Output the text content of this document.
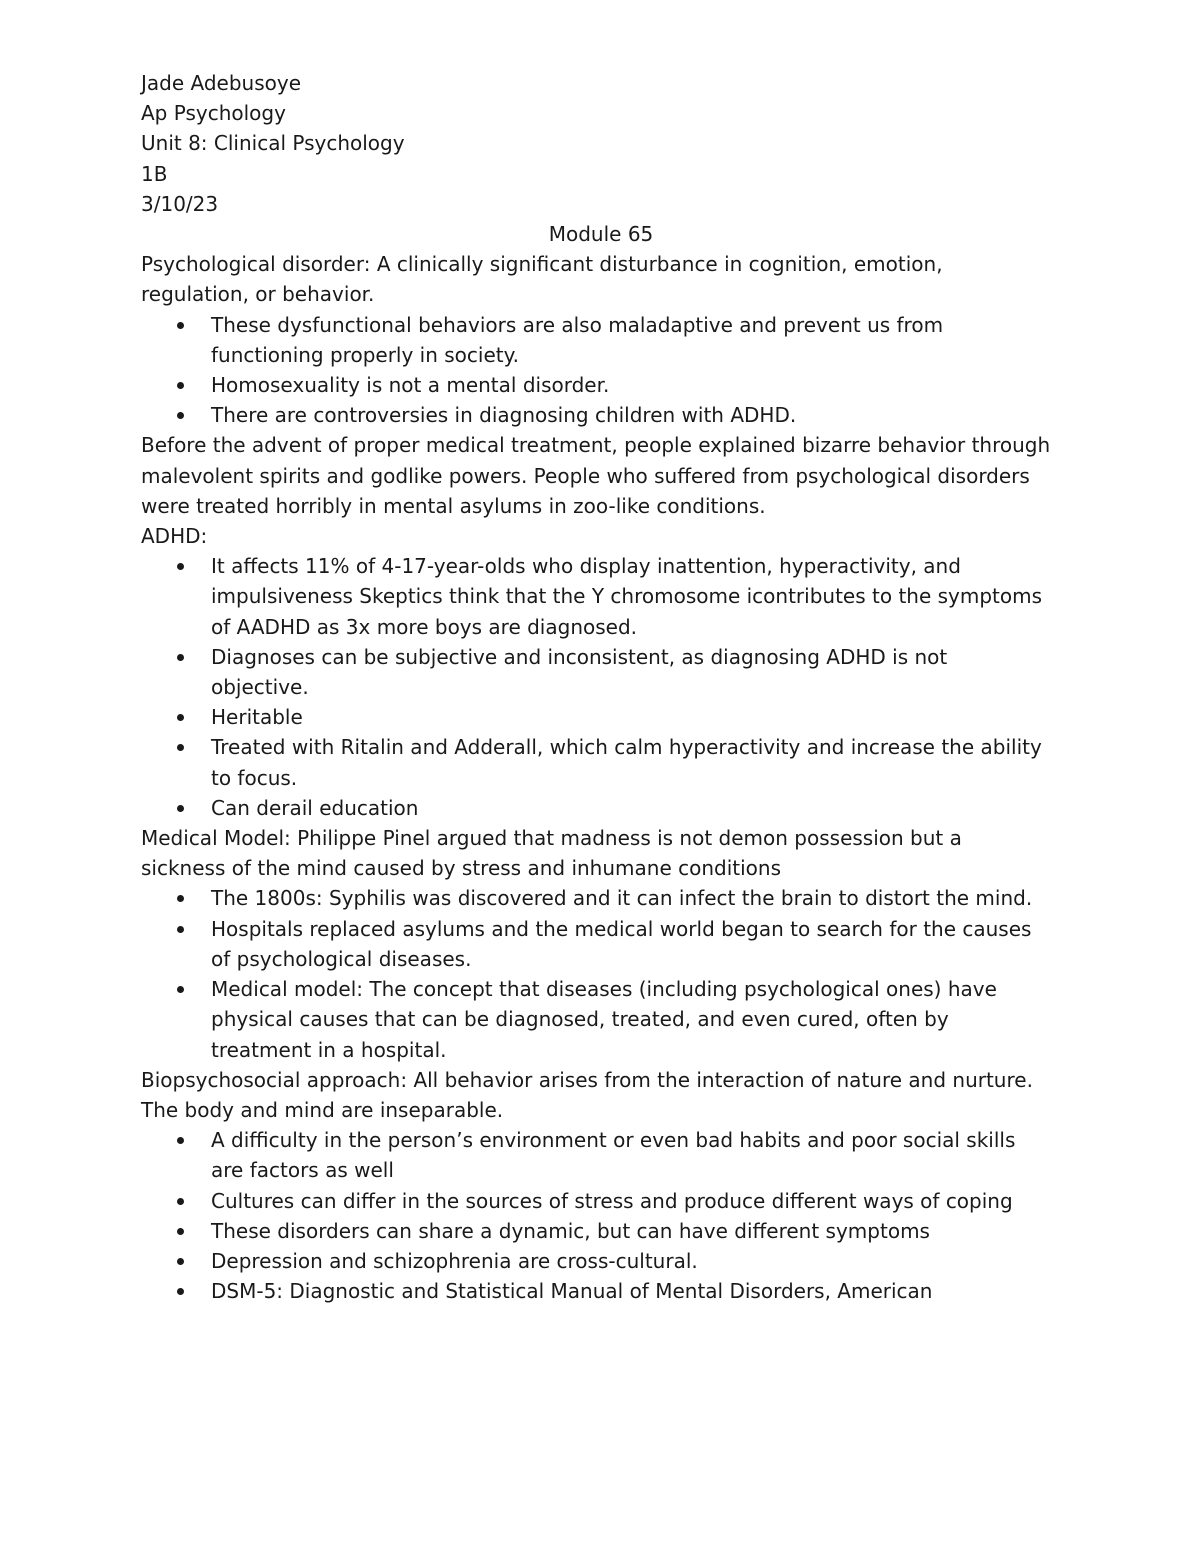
Jade Adebusoye

Ap Psychology

Unit 8: Clinical Psychology

1B

3/10/23

Module 65

Psychological disorder: A clinically significant disturbance in cognition, emotion, regulation, or behavior.

These dysfunctional behaviors are also maladaptive and prevent us from functioning properly in society.
Homosexuality is not a mental disorder.
There are controversies in diagnosing children with ADHD.

Before the advent of proper medical treatment, people explained bizarre behavior through malevolent spirits and godlike powers. People who suffered from psychological disorders were treated horribly in mental asylums in zoo-like conditions.

ADHD:

It affects 11% of 4-17-year-olds who display inattention, hyperactivity, and impulsiveness Skeptics think that the Y chromosome icontributes to the symptoms of AADHD as 3x more boys are diagnosed.
Diagnoses can be subjective and inconsistent, as diagnosing ADHD is not objective.
Heritable
Treated with Ritalin and Adderall, which calm hyperactivity and increase the ability to focus.
Can derail education

Medical Model: Philippe Pinel argued that madness is not demon possession but a sickness of the mind caused by stress and inhumane conditions

The 1800s: Syphilis was discovered and it can infect the brain to distort the mind.
Hospitals replaced asylums and the medical world began to search for the causes of psychological diseases.
Medical model: The concept that diseases (including psychological ones) have physical causes that can be diagnosed, treated, and even cured, often by treatment in a hospital.

Biopsychosocial approach: All behavior arises from the interaction of nature and nurture. The body and mind are inseparable.

A difficulty in the person’s environment or even bad habits and poor social skills are factors as well
Cultures can differ in the sources of stress and produce different ways of coping
These disorders can share a dynamic, but can have different symptoms
Depression and schizophrenia are cross-cultural.
DSM-5: Diagnostic and Statistical Manual of Mental Disorders, American
